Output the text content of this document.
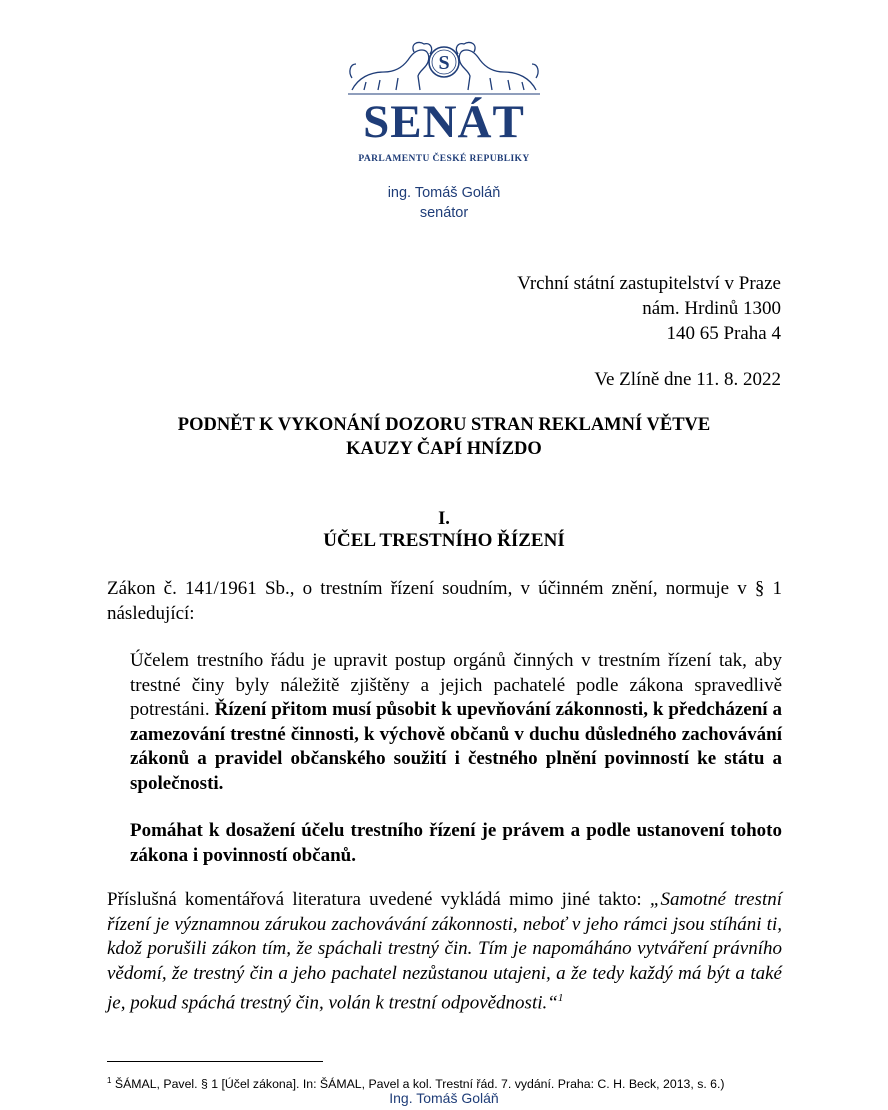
S
SENÁT
PARLAMENTU ČESKÉ REPUBLIKY
ing. Tomáš Goláň
senátor
Vrchní státní zastupitelství v Praze
nám. Hrdinů 1300
140 65 Praha 4
Ve Zlíně dne 11. 8. 2022
PODNĚT K VYKONÁNÍ DOZORU STRAN REKLAMNÍ VĚTVE
KAUZY ČAPÍ HNÍZDO
I.
ÚČEL TRESTNÍHO ŘÍZENÍ
Zákon č. 141/1961 Sb., o trestním řízení soudním, v účinném znění, normuje v § 1 následující:
Účelem trestního řádu je upravit postup orgánů činných v trestním řízení tak, aby trestné činy byly náležitě zjištěny a jejich pachatelé podle zákona spravedlivě potrestáni. Řízení přitom musí působit k upevňování zákonnosti, k předcházení a zamezování trestné činnosti, k výchově občanů v duchu důsledného zachovávání zákonů a pravidel občanského soužití i čestného plnění povinností ke státu a společnosti.
Pomáhat k dosažení účelu trestního řízení je právem a podle ustanovení tohoto zákona i povinností občanů.
Příslušná komentářová literatura uvedené vykládá mimo jiné takto: „Samotné trestní řízení je významnou zárukou zachovávání zákonnosti, neboť v jeho rámci jsou stíháni ti, kdož porušili zákon tím, že spáchali trestný čin. Tím je napomáháno vytváření právního vědomí, že trestný čin a jeho pachatel nezůstanou utajeni, a že tedy každý má být a také je, pokud spáchá trestný čin, volán k trestní odpovědnosti.“$^1$
$^1$ ŠÁMAL, Pavel. § 1 [Účel zákona]. In: ŠÁMAL, Pavel a kol. Trestní řád. 7. vydání. Praha: C. H. Beck, 2013, s. 6.)
Ing. Tomáš Goláň
